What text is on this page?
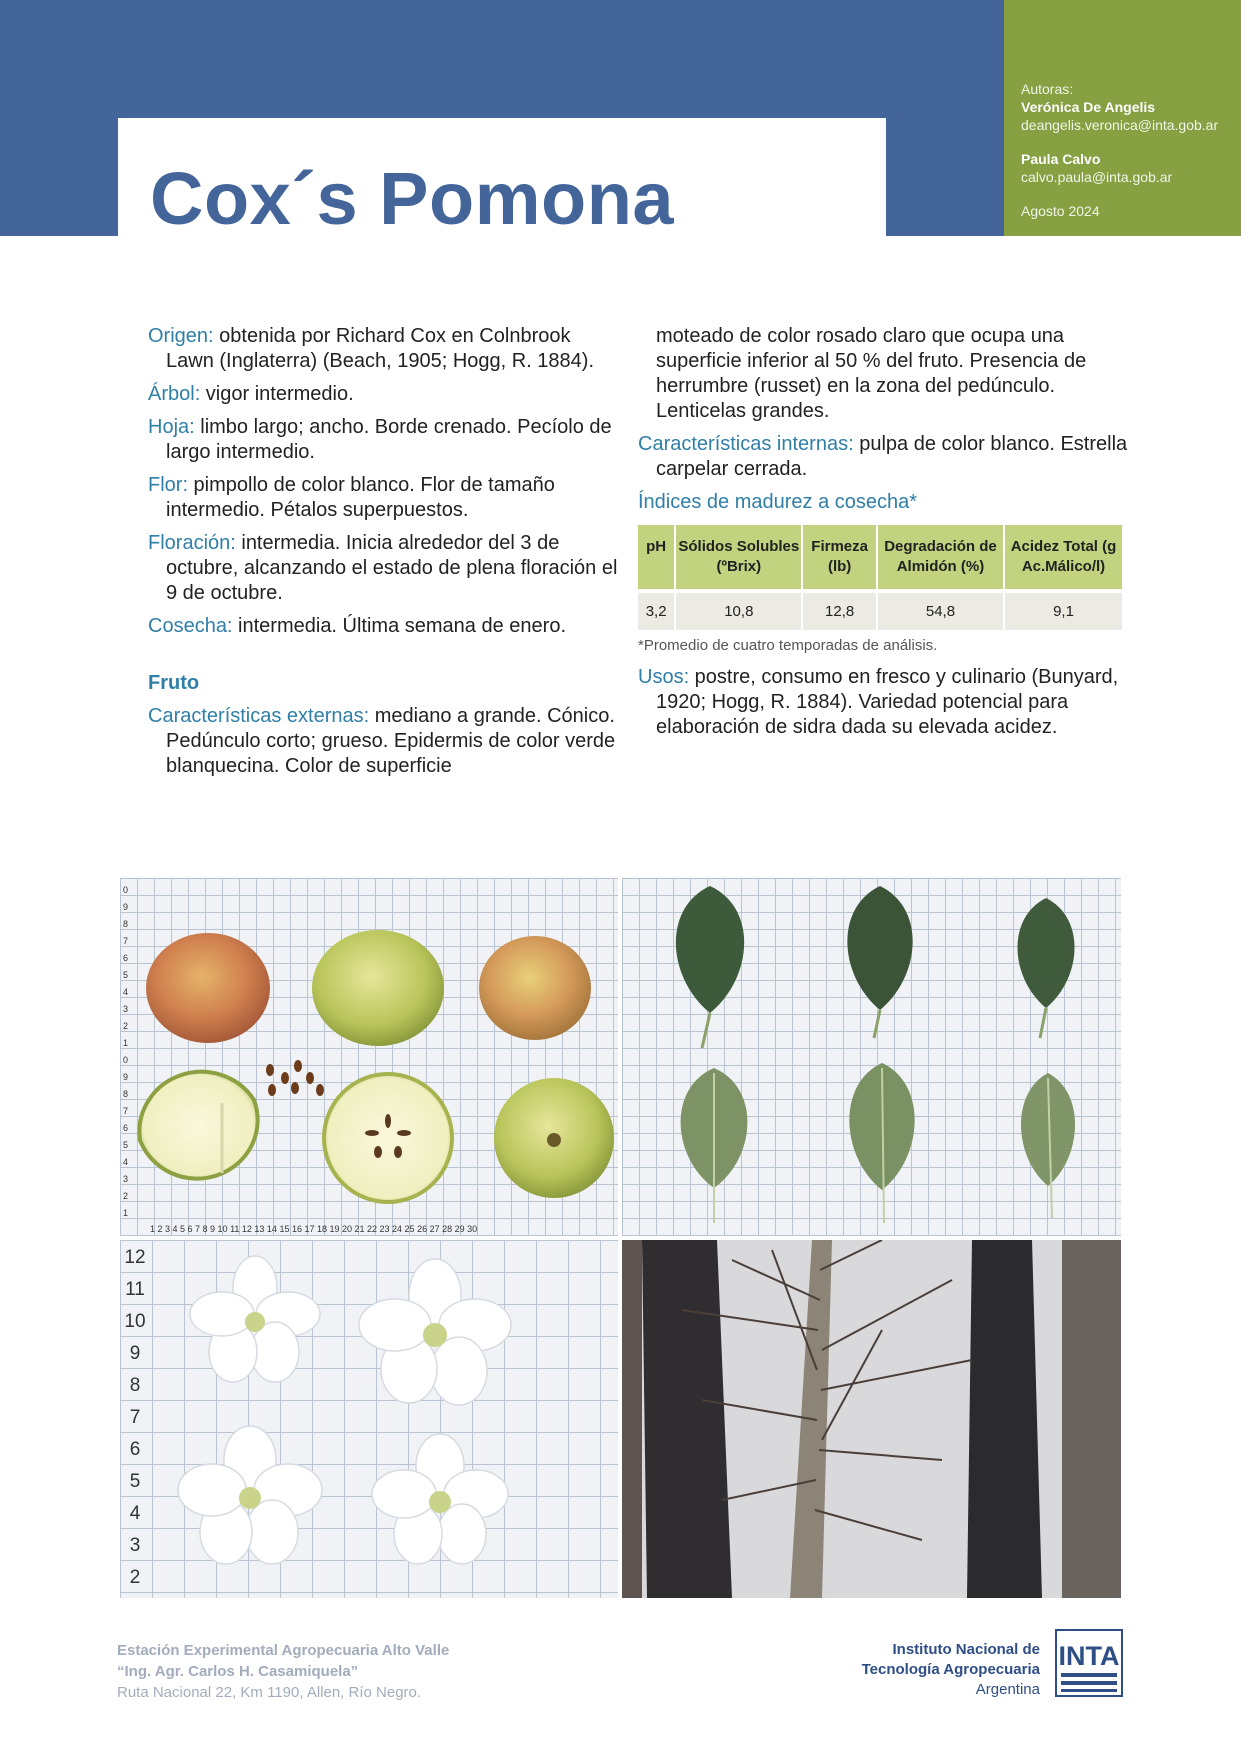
Cox´s Pomona
Autoras:
Verónica De Angelis
deangelis.veronica@inta.gob.ar
Paula Calvo
calvo.paula@inta.gob.ar
Agosto 2024

Origen: obtenida por Richard Cox en Colnbrook Lawn (Inglaterra) (Beach, 1905; Hogg, R. 1884).

Árbol: vigor intermedio.

Hoja: limbo largo; ancho. Borde crenado. Pecíolo de largo intermedio.

Flor: pimpollo de color blanco. Flor de tamaño intermedio. Pétalos superpuestos.

Floración: intermedia. Inicia alrededor del 3 de octubre, alcanzando el estado de plena floración el 9 de octubre.

Cosecha: intermedia. Última semana de enero.

Fruto

Características externas: mediano a grande. Cónico. Pedúnculo corto; grueso. Epidermis de color verde blanquecina. Color de superficie

moteado de color rosado claro que ocupa una superficie inferior al 50 % del fruto. Presencia de herrumbre (russet) en la zona del pedúnculo. Lenticelas grandes.

Características internas: pulpa de color blanco. Estrella carpelar cerrada.

Índices de madurez a cosecha*

pH	Sólidos Solubles (ºBrix)	Firmeza (lb)	Degradación de Almidón (%)	Acidez Total (g Ac.Málico/l)
3,2	10,8	12,8	54,8	9,1

*Promedio de cuatro temporadas de análisis.

Usos: postre, consumo en fresco y culinario (Bunyard, 1920; Hogg, R. 1884). Variedad potencial para elaboración de sidra dada su elevada acidez.

0 9 8 7 6 5 4 3 2 1 0 9 8 7 6 5 4 3 2 1
1 2 3 4 5 6 7 8 9 10 11 12 13 14 15 16 17 18 19 20 21 22 23 24 25 26 27 28 29 30
12 11 10 9 8 7 6 5 4 3 2
Estación Experimental Agropecuaria Alto Valle
“Ing. Agr. Carlos H. Casamiquela”
Ruta Nacional 22, Km 1190, Allen, Río Negro.
Instituto Nacional de
Tecnología Agropecuaria
Argentina
INTA
